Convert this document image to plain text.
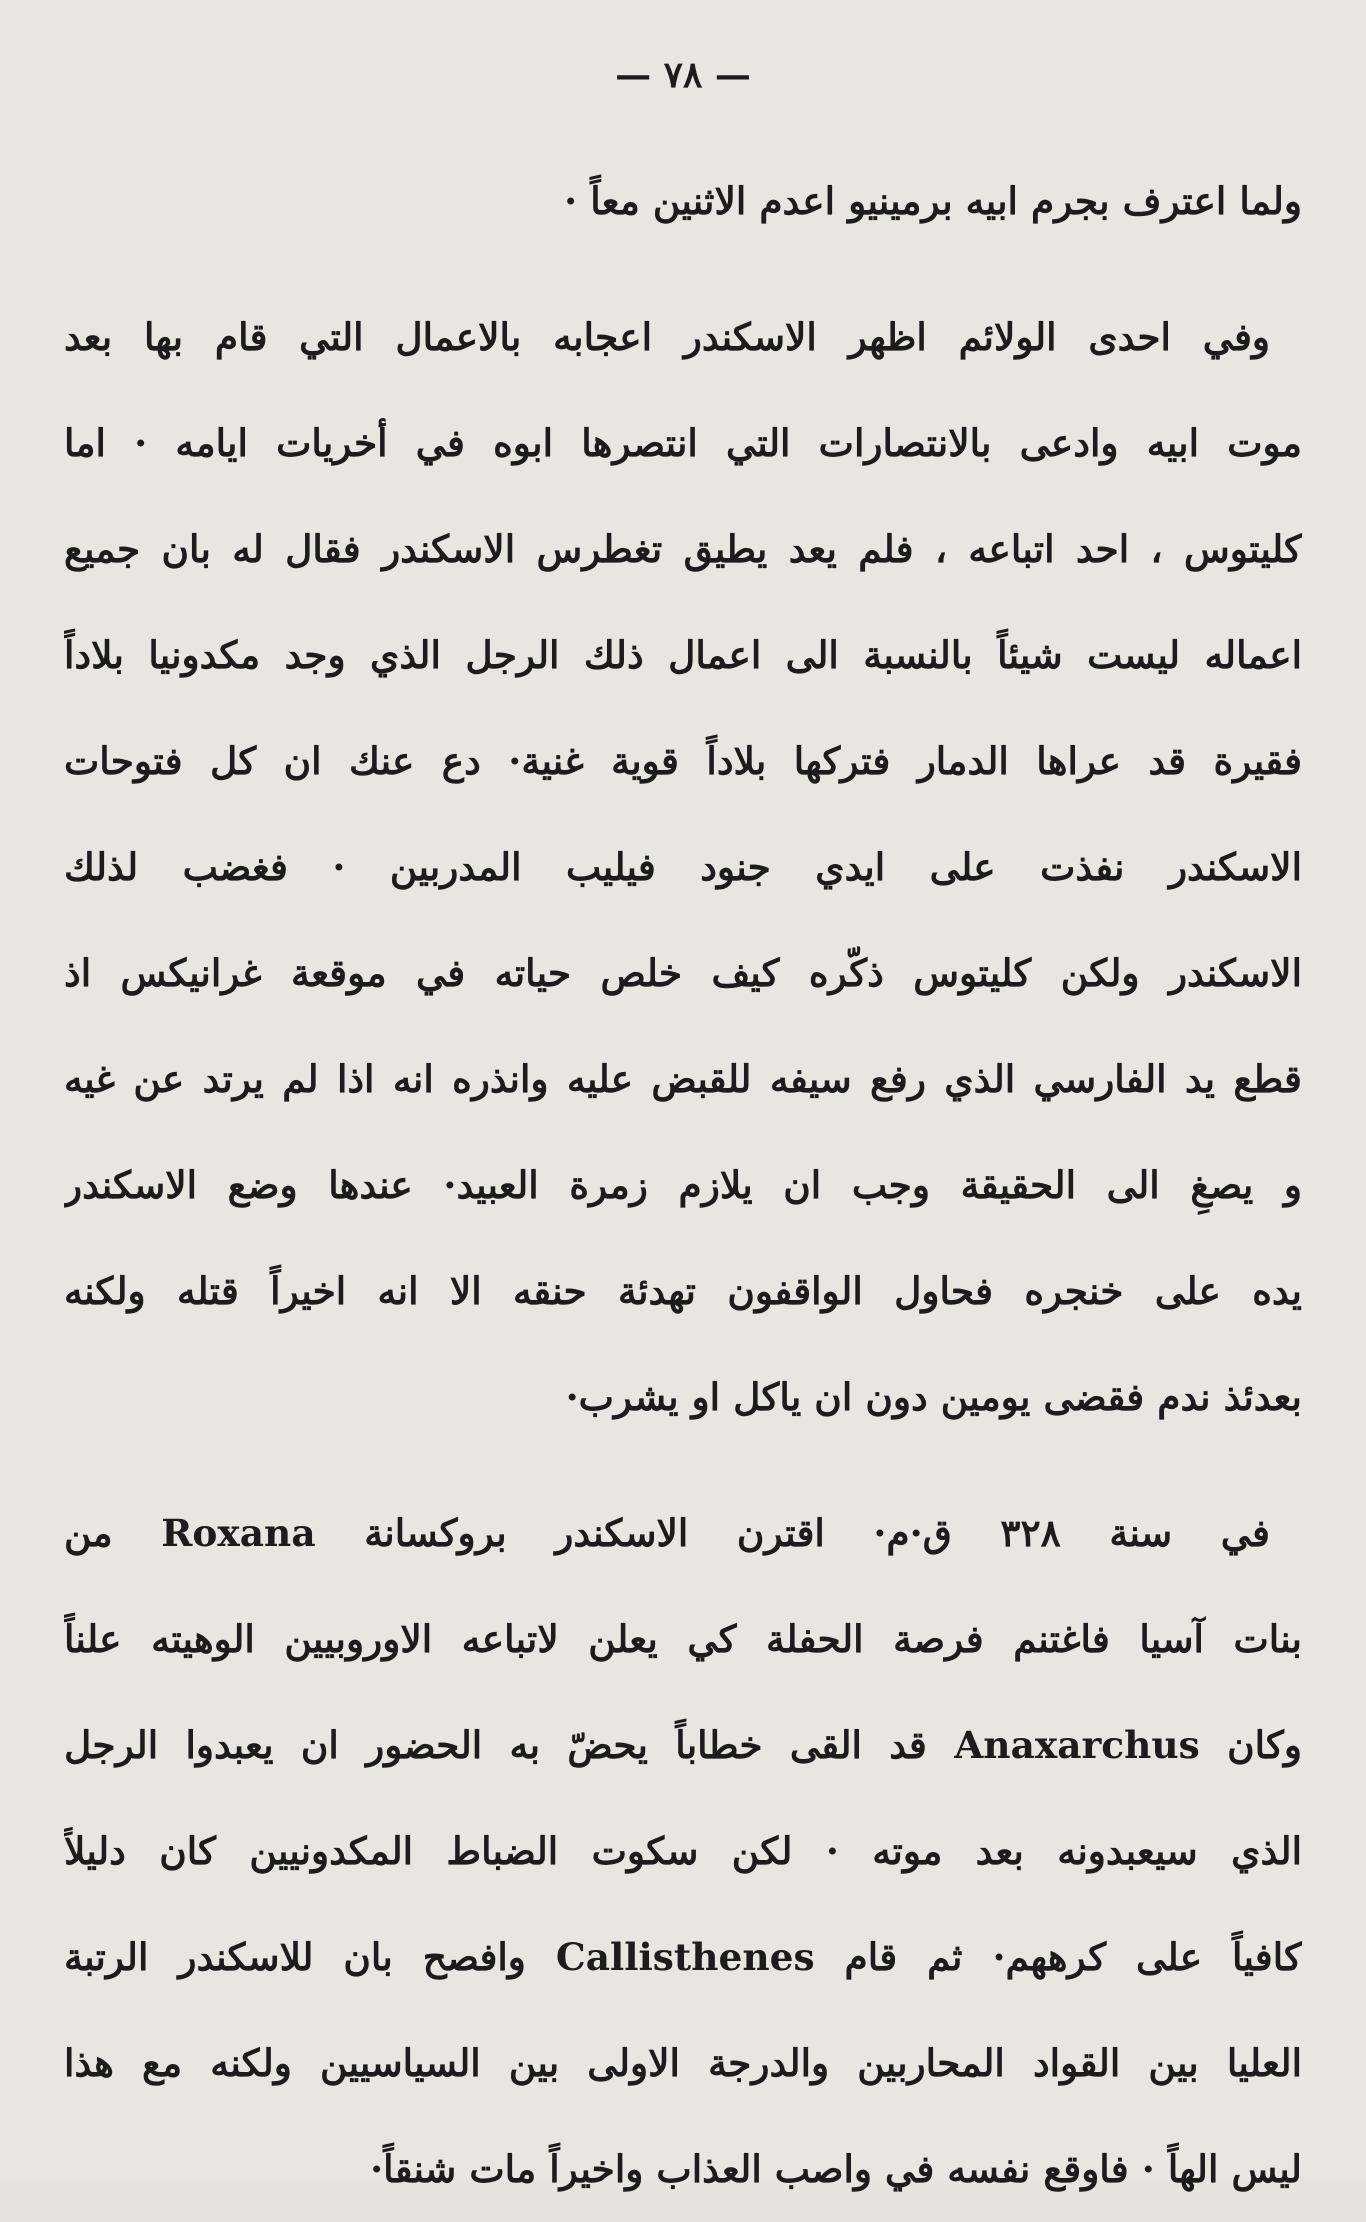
— ٧٨ —
ولما اعترف بجرم ابيه برمينيو اعدم الاثنين معاً ·
وفي احدى الولائم اظهر الاسكندر اعجابه بالاعمال التي قام بها بعد
موت ابيه وادعى بالانتصارات التي انتصرها ابوه في أخريات ايامه · اما
كليتوس ، احد اتباعه ، فلم يعد يطيق تغطرس الاسكندر فقال له بان جميع
اعماله ليست شيئاً بالنسبة الى اعمال ذلك الرجل الذي وجد مكدونيا بلاداً
فقيرة قد عراها الدمار فتركها بلاداً قوية غنية· دع عنك ان كل فتوحات
الاسكندر نفذت على ايدي جنود فيليب المدربين · فغضب لذلك
الاسكندر ولكن كليتوس ذكّره كيف خلص حياته في موقعة غرانيكس اذ
قطع يد الفارسي الذي رفع سيفه للقبض عليه وانذره انه اذا لم يرتد عن غيه
و يصغِ الى الحقيقة وجب ان يلازم زمرة العبيد· عندها وضع الاسكندر
يده على خنجره فحاول الواقفون تهدئة حنقه الا انه اخيراً قتله ولكنه
بعدئذ ندم فقضى يومين دون ان ياكل او يشرب·
في سنة ٣٢٨ ق·م· اقترن الاسكندر بروكسانة Roxana من
بنات آسيا فاغتنم فرصة الحفلة كي يعلن لاتباعه الاوروبيين الوهيته علناً
وكان Anaxarchus قد القى خطاباً يحضّ به الحضور ان يعبدوا الرجل
الذي سيعبدونه بعد موته · لكن سكوت الضباط المكدونيين كان دليلاً
كافياً على كرههم· ثم قام Callisthenes وافصح بان للاسكندر الرتبة
العليا بين القواد المحاربين والدرجة الاولى بين السياسيين ولكنه مع هذا
ليس الهاً · فاوقع نفسه في واصب العذاب واخيراً مات شنقاً·
